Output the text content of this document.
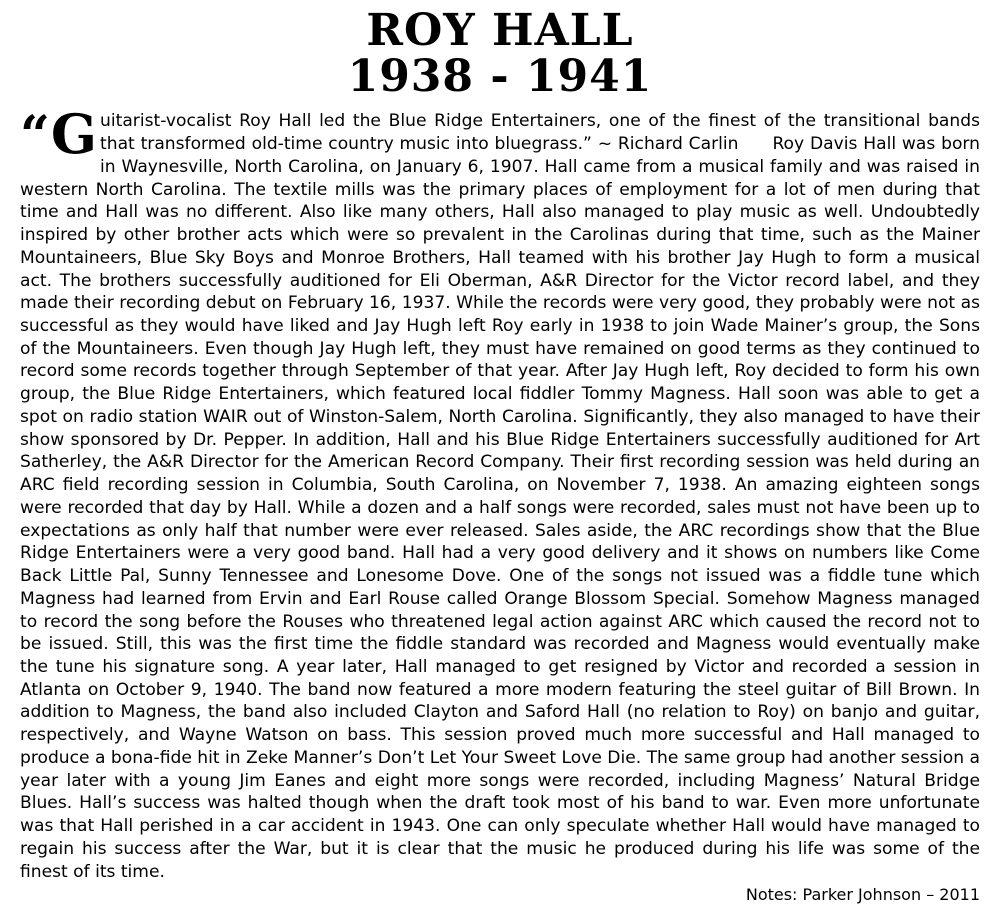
ROY HALL
1938 - 1941

“ G uitarist-vocalist Roy Hall led the Blue Ridge Entertainers, one of the finest of the transitional bands that transformed old-time country music into bluegrass.” ~ Richard Carlin Roy Davis Hall was born in Waynesville, North Carolina, on January 6, 1907. Hall came from a musical family and was raised in western North Carolina. The textile mills was the primary places of employment for a lot of men during that time and Hall was no different. Also like many others, Hall also managed to play music as well. Undoubtedly inspired by other brother acts which were so prevalent in the Carolinas during that time, such as the Mainer Mountaineers, Blue Sky Boys and Monroe Brothers, Hall teamed with his brother Jay Hugh to form a musical act. The brothers successfully auditioned for Eli Oberman, A&R Director for the Victor record label, and they made their recording debut on February 16, 1937. While the records were very good, they probably were not as successful as they would have liked and Jay Hugh left Roy early in 1938 to join Wade Mainer’s group, the Sons of the Mountaineers. Even though Jay Hugh left, they must have remained on good terms as they continued to record some records together through September of that year. After Jay Hugh left, Roy decided to form his own group, the Blue Ridge Entertainers, which featured local fiddler Tommy Magness. Hall soon was able to get a spot on radio station WAIR out of Winston-Salem, North Carolina. Significantly, they also managed to have their show sponsored by Dr. Pepper. In addition, Hall and his Blue Ridge Entertainers successfully auditioned for Art Satherley, the A&R Director for the American Record Company. Their first recording session was held during an ARC field recording session in Columbia, South Carolina, on November 7, 1938. An amazing eighteen songs were recorded that day by Hall. While a dozen and a half songs were recorded, sales must not have been up to expectations as only half that number were ever released. Sales aside, the ARC recordings show that the Blue Ridge Entertainers were a very good band. Hall had a very good delivery and it shows on numbers like Come Back Little Pal, Sunny Tennessee and Lonesome Dove. One of the songs not issued was a fiddle tune which Magness had learned from Ervin and Earl Rouse called Orange Blossom Special. Somehow Magness managed to record the song before the Rouses who threatened legal action against ARC which caused the record not to be issued. Still, this was the first time the fiddle standard was recorded and Magness would eventually make the tune his signature song. A year later, Hall managed to get resigned by Victor and recorded a session in Atlanta on October 9, 1940. The band now featured a more modern featuring the steel guitar of Bill Brown. In addition to Magness, the band also included Clayton and Saford Hall (no relation to Roy) on banjo and guitar, respectively, and Wayne Watson on bass. This session proved much more successful and Hall managed to produce a bona-fide hit in Zeke Manner’s Don’t Let Your Sweet Love Die. The same group had another session a year later with a young Jim Eanes and eight more songs were recorded, including Magness’ Natural Bridge Blues. Hall’s success was halted though when the draft took most of his band to war. Even more unfortunate was that Hall perished in a car accident in 1943. One can only speculate whether Hall would have managed to regain his success after the War, but it is clear that the music he produced during his life was some of the finest of its time.

Notes: Parker Johnson – 2011
